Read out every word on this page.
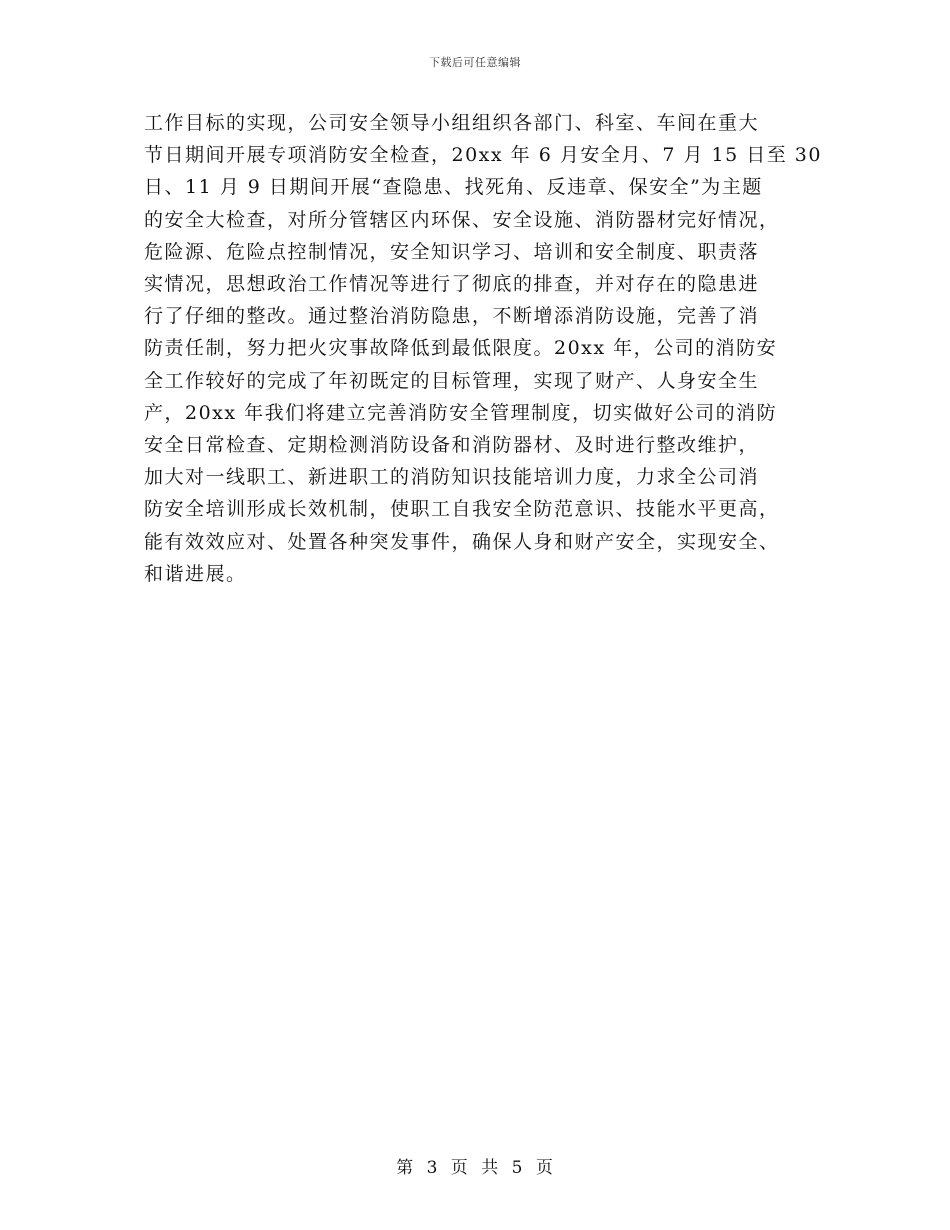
下载后可任意编辑
工作目标的实现，公司安全领导小组组织各部门、科室、车间在重大
节日期间开展专项消防安全检查，20xx 年 6 月安全月、7 月 15 日至 30
日、11 月 9 日期间开展“查隐患、找死角、反违章、保安全”为主题
的安全大检查，对所分管辖区内环保、安全设施、消防器材完好情况，
危险源、危险点控制情况，安全知识学习、培训和安全制度、职责落
实情况，思想政治工作情况等进行了彻底的排查，并对存在的隐患进
行了仔细的整改。通过整治消防隐患，不断增添消防设施，完善了消
防责任制，努力把火灾事故降低到最低限度。20xx 年，公司的消防安
全工作较好的完成了年初既定的目标管理，实现了财产、人身安全生
产，20xx 年我们将建立完善消防安全管理制度，切实做好公司的消防
安全日常检查、定期检测消防设备和消防器材、及时进行整改维护，
加大对一线职工、新进职工的消防知识技能培训力度，力求全公司消
防安全培训形成长效机制，使职工自我安全防范意识、技能水平更高，
能有效效应对、处置各种突发事件，确保人身和财产安全，实现安全、
和谐进展。
第 3 页 共 5 页
